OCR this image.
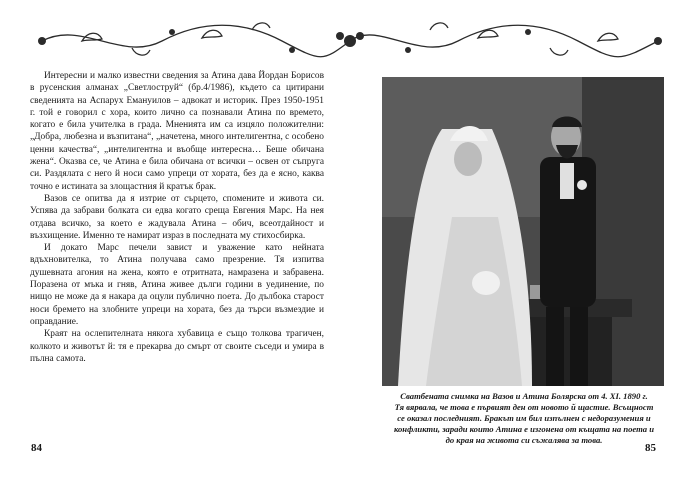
Интересни и малко известни сведения за Атина дава Йордан Борисов в русенския алманах „Светлоструй“ (бр.4/1986), където са цитирани сведенията на Аспарух Емануилов – адвокат и историк. През 1950-1951 г. той е говорил с хора, които лично са познавали Атина по времето, когато е била учителка в града. Мненията им са изцяло положителни: „Добра, любезна и възпитана“, „начетена, много интелигентна, с особено ценни качества“, „интелигентна и въобще интересна… Беше обичана жена“. Оказва се, че Атина е била обичана от всички – освен от съпруга си. Раздялата с него й носи само упреци от хората, без да е ясно, каква точно е истината за злощастния й кратък брак.

Вазов се опитва да я изтрие от сърцето, спомените и живота си. Успява да забрави болката си едва когато среща Евгения Марс. На нея отдава всичко, за което е жадувала Атина – обич, всеотдайност и възхищение. Именно те намират израз в последната му стихосбирка.

И докато Марс печели завист и уважение като нейната вдъхновителка, то Атина получава само презрение. Тя изпитва душевната агония на жена, която е отритната, намразена и забравена. Поразена от мъка и гняв, Атина живее дълги години в уединение, по нищо не може да я накара да оцули публично поета. До дълбока старост носи бремето на злобните упреци на хората, без да търси възмездие и оправдание.

Краят на ослепителната някога хубавица е също толкова трагичен, колкото и животът й: тя е прекарва до смърт от своите съседи и умира в пълна самота.

Сватбената снимка на Вазов и Атина Болярска от 4. XI. 1890 г.

Тя вярвала, че това е първият ден от новото й щастие. Всъщност

се оказал последният. Бракът им бил изпълнен с недоразумения и

конфликти, заради които Атина е изгонена от къщата на поета и

до края на живота си съжалява за това.

84	85
